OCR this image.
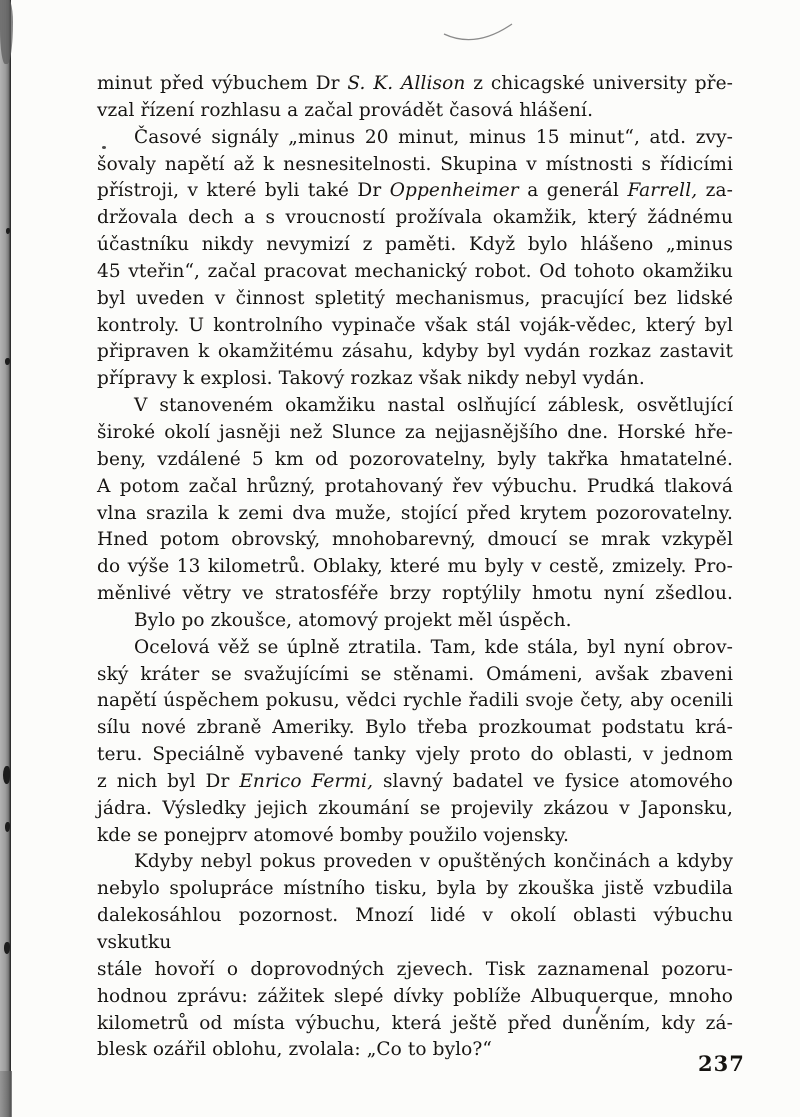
minut před výbuchem Dr S. K. Allison z chicagské university pře-
vzal řízení rozhlasu a začal provádět časová hlášení.
Časové signály „minus 20 minut, minus 15 minut“, atd. zvy-
šovaly napětí až k nesnesitelnosti. Skupina v místnosti s řídicími
přístroji, v které byli také Dr Oppenheimer a generál Farrell, za-
držovala dech a s vroucností prožívala okamžik, který žádnému
účastníku nikdy nevymizí z paměti. Když bylo hlášeno „minus
45 vteřin“, začal pracovat mechanický robot. Od tohoto okamžiku
byl uveden v činnost spletitý mechanismus, pracující bez lidské
kontroly. U kontrolního vypinače však stál voják-vědec, který byl
připraven k okamžitému zásahu, kdyby byl vydán rozkaz zastavit
přípravy k explosi. Takový rozkaz však nikdy nebyl vydán.
V stanoveném okamžiku nastal oslňující záblesk, osvětlující
široké okolí jasněji než Slunce za nejjasnějšího dne. Horské hře-
beny, vzdálené 5 km od pozorovatelny, byly takřka hmatatelné.
A potom začal hrůzný, protahovaný řev výbuchu. Prudká tlaková
vlna srazila k zemi dva muže, stojící před krytem pozorovatelny.
Hned potom obrovský, mnohobarevný, dmoucí se mrak vzkypěl
do výše 13 kilometrů. Oblaky, které mu byly v cestě, zmizely. Pro-
měnlivé větry ve stratosféře brzy roptýlily hmotu nyní zšedlou.
Bylo po zkoušce, atomový projekt měl úspěch.
Ocelová věž se úplně ztratila. Tam, kde stála, byl nyní obrov-
ský kráter se svažujícími se stěnami. Omámeni, avšak zbaveni
napětí úspěchem pokusu, vědci rychle řadili svoje čety, aby ocenili
sílu nové zbraně Ameriky. Bylo třeba prozkoumat podstatu krá-
teru. Speciálně vybavené tanky vjely proto do oblasti, v jednom
z nich byl Dr Enrico Fermi, slavný badatel ve fysice atomového
jádra. Výsledky jejich zkoumání se projevily zkázou v Japonsku,
kde se ponejprv atomové bomby použilo vojensky.
Kdyby nebyl pokus proveden v opuštěných končinách a kdyby
nebylo spolupráce místního tisku, byla by zkouška jistě vzbudila
dalekosáhlou pozornost. Mnozí lidé v okolí oblasti výbuchu vskutku
stále hovoří o doprovodných zjevech. Tisk zaznamenal pozoru-
hodnou zprávu: zážitek slepé dívky poblíže Albuquerque, mnoho
kilometrů od místa výbuchu, která ještě před duněním, kdy zá-
blesk ozářil oblohu, zvolala: „Co to bylo?“
237
